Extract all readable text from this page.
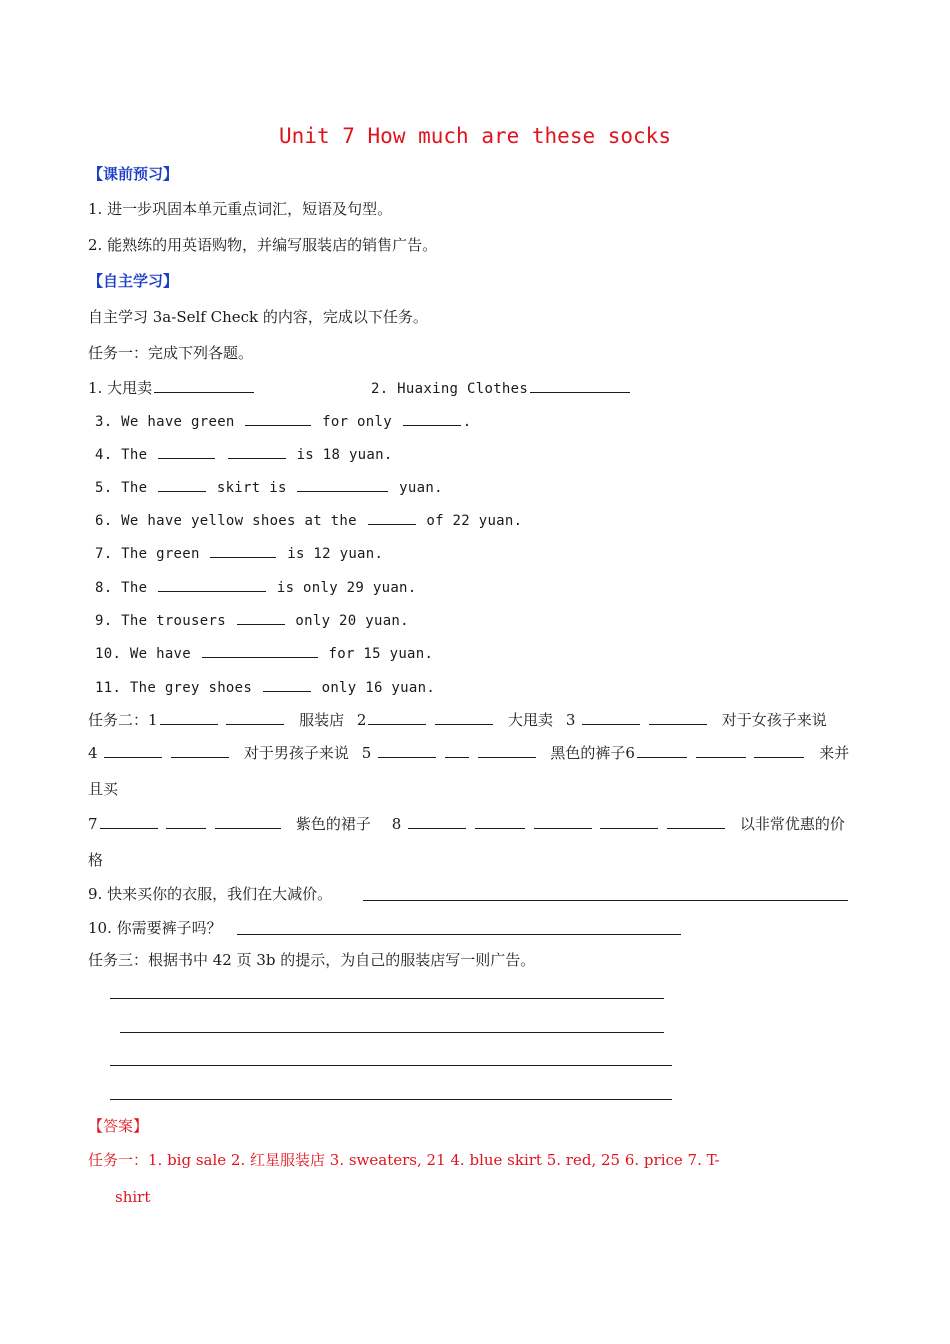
Unit 7 How much are these socks
【课前预习】
1. 进一步巩固本单元重点词汇，短语及句型。
2. 能熟练的用英语购物，并编写服装店的销售广告。
【自主学习】
自主学习 3a-Self Check 的内容，完成以下任务。
任务一：完成下列各题。
1. 大甩卖	2. Huaxing Clothes
3. We have green	for only	.
4. The	is 18 yuan.
5. The	skirt is	yuan.
6. We have yellow shoes at the	of 22 yuan.
7. The green	is 12 yuan.
8. The	is only 29 yuan.
9. The trousers	only 20 yuan.
10. We have	for 15 yuan.
11. The grey shoes	only 16 yuan.
任务二：1	服装店 2	大甩卖 3	对于女孩子来说
4	对于男孩子来说 5	黑色的裤子6	来并
且买
7	紫色的裙子 8	以非常优惠的价
格
9. 快来买你的衣服，我们在大减价。
10. 你需要裤子吗？
任务三：根据书中 42 页 3b 的提示，为自己的服装店写一则广告。
【答案】
任务一：1. big sale 2. 红星服装店 3. sweaters, 21 4. blue skirt 5. red, 25 6. price 7. T-
shirt
